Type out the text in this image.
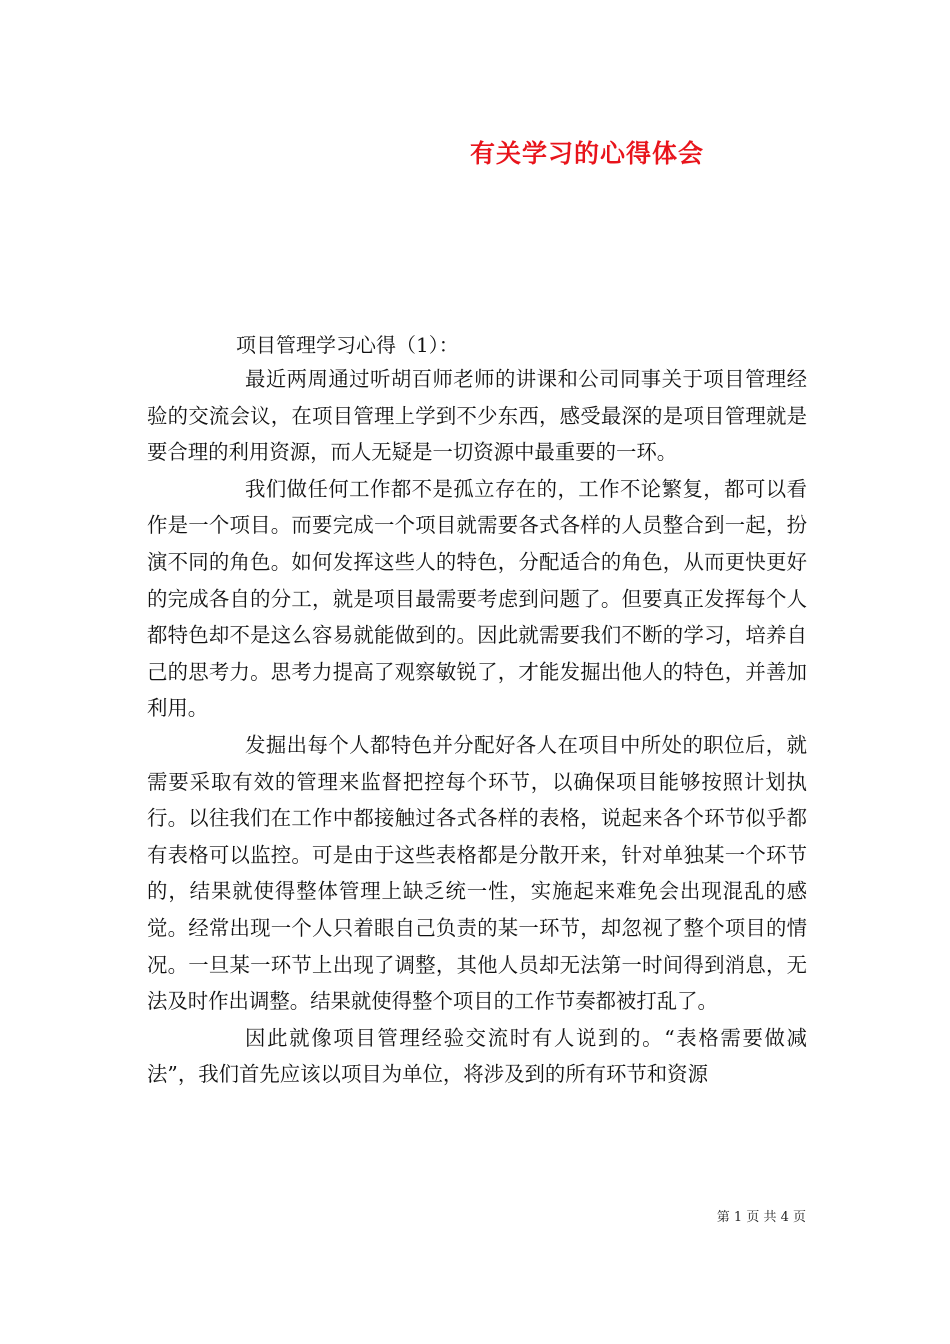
有关学习的心得体会
项目管理学习心得（1）：

最近两周通过听胡百师老师的讲课和公司同事关于项目管理经验的交流会议，在项目管理上学到不少东西，感受最深的是项目管理就是要合理的利用资源，而人无疑是一切资源中最重要的一环。

我们做任何工作都不是孤立存在的，工作不论繁复，都可以看作是一个项目。而要完成一个项目就需要各式各样的人员整合到一起，扮演不同的角色。如何发挥这些人的特色，分配适合的角色，从而更快更好的完成各自的分工，就是项目最需要考虑到问题了。但要真正发挥每个人都特色却不是这么容易就能做到的。因此就需要我们不断的学习，培养自己的思考力。思考力提高了观察敏锐了，才能发掘出他人的特色，并善加利用。

发掘出每个人都特色并分配好各人在项目中所处的职位后，就需要采取有效的管理来监督把控每个环节，以确保项目能够按照计划执行。以往我们在工作中都接触过各式各样的表格，说起来各个环节似乎都有表格可以监控。可是由于这些表格都是分散开来，针对单独某一个环节的，结果就使得整体管理上缺乏统一性，实施起来难免会出现混乱的感觉。经常出现一个人只着眼自己负责的某一环节，却忽视了整个项目的情况。一旦某一环节上出现了调整，其他人员却无法第一时间得到消息，无法及时作出调整。结果就使得整个项目的工作节奏都被打乱了。

因此就像项目管理经验交流时有人说到的。“表格需要做减法”，我们首先应该以项目为单位，将涉及到的所有环节和资源

第 1 页 共 4 页
